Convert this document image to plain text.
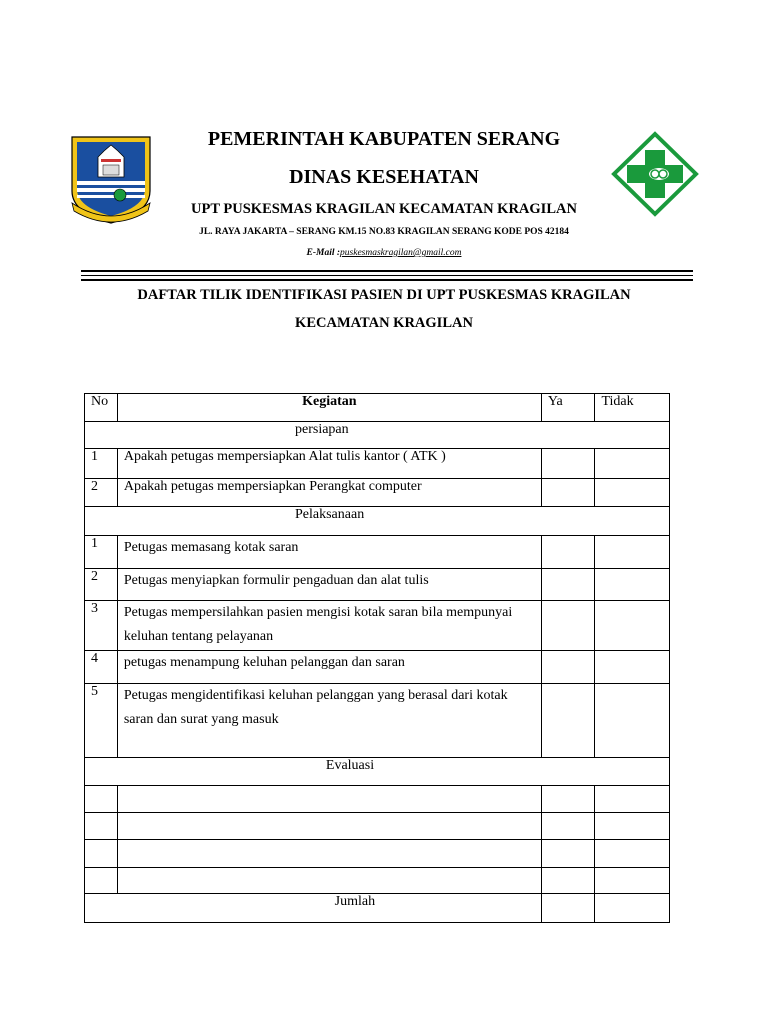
PEMERINTAH KABUPATEN SERANG
DINAS KESEHATAN
UPT PUSKESMAS KRAGILAN KECAMATAN KRAGILAN
JL. RAYA JAKARTA – SERANG KM.15 NO.83 KRAGILAN SERANG KODE POS 42184
E-Mail :puskesmaskragilan@gmail.com
DAFTAR TILIK IDENTIFIKASI PASIEN DI UPT PUSKESMAS KRAGILAN
KECAMATAN KRAGILAN
No	Kegiatan	Ya	Tidak
persiapan			
1	Apakah petugas mempersiapkan Alat tulis kantor ( ATK )		
2	Apakah petugas mempersiapkan Perangkat computer		
Pelaksanaan			
1	Petugas memasang kotak saran		
2	Petugas menyiapkan formulir pengaduan dan alat tulis		
3	Petugas mempersilahkan pasien mengisi kotak saran bila mempunyai keluhan tentang pelayanan		
4	petugas menampung keluhan pelanggan dan saran		
5	Petugas mengidentifikasi keluhan pelanggan yang berasal dari kotak saran dan surat yang masuk		
Evaluasi			

Jumlah			
